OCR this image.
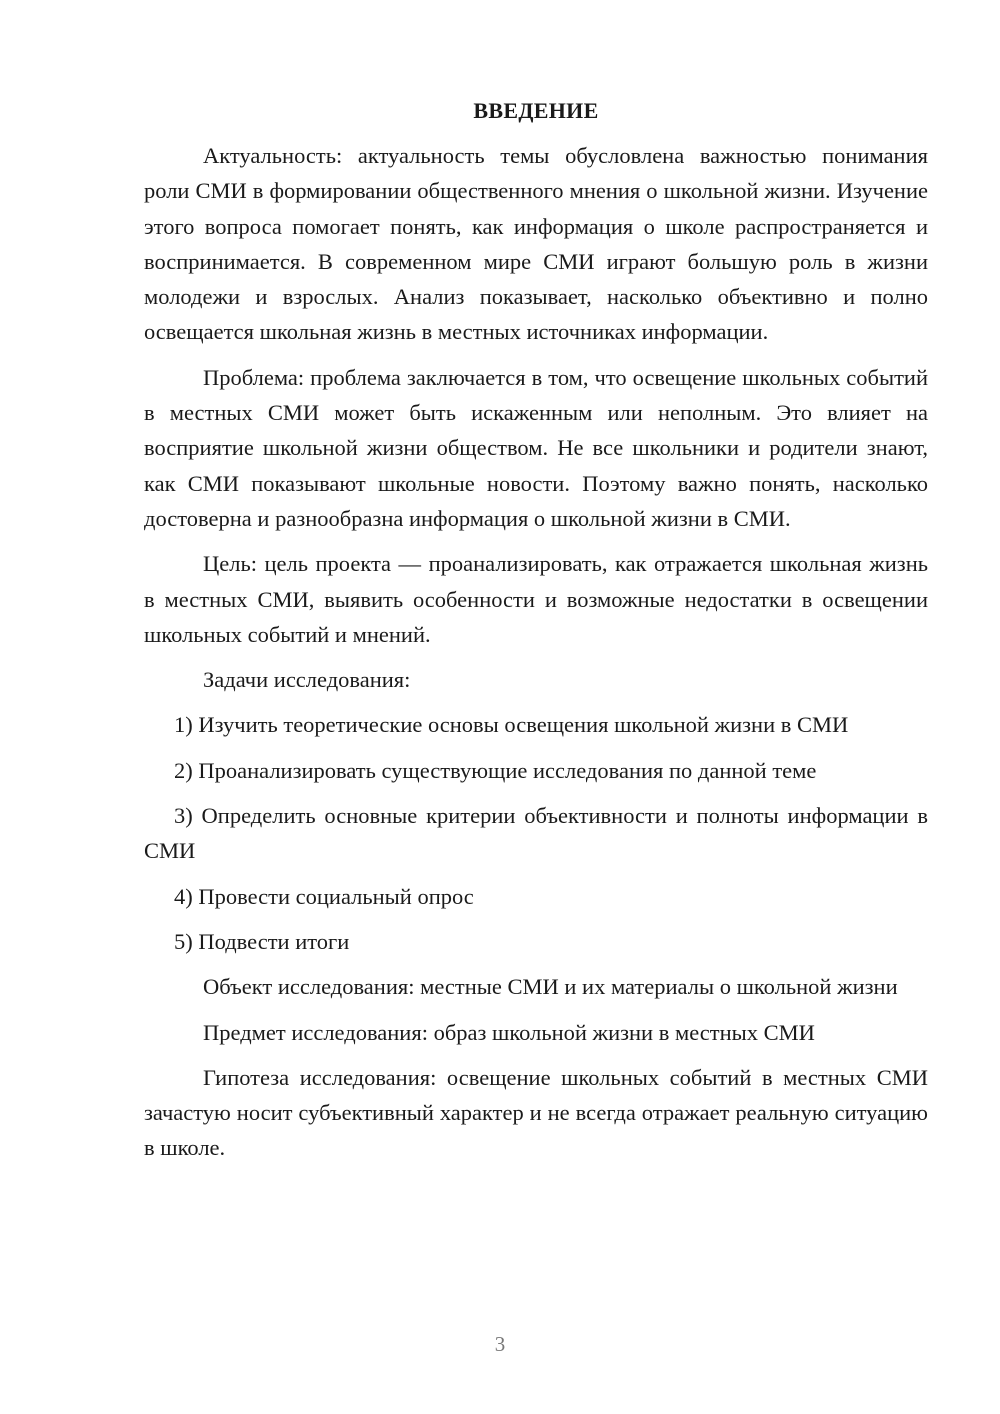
ВВЕДЕНИЕ

Актуальность: актуальность темы обусловлена важностью понимания роли СМИ в формировании общественного мнения о школьной жизни. Изучение этого вопроса помогает понять, как информация о школе распространяется и воспринимается. В современном мире СМИ играют большую роль в жизни молодежи и взрослых. Анализ показывает, насколько объективно и полно освещается школьная жизнь в местных источниках информации.

Проблема: проблема заключается в том, что освещение школьных событий в местных СМИ может быть искаженным или неполным. Это влияет на восприятие школьной жизни обществом. Не все школьники и родители знают, как СМИ показывают школьные новости. Поэтому важно понять, насколько достоверна и разнообразна информация о школьной жизни в СМИ.

Цель: цель проекта — проанализировать, как отражается школьная жизнь в местных СМИ, выявить особенности и возможные недостатки в освещении школьных событий и мнений.

Задачи исследования:

1) Изучить теоретические основы освещения школьной жизни в СМИ

2) Проанализировать существующие исследования по данной теме

3) Определить основные критерии объективности и полноты информации в СМИ

4) Провести социальный опрос

5) Подвести итоги

Объект исследования: местные СМИ и их материалы о школьной жизни

Предмет исследования: образ школьной жизни в местных СМИ

Гипотеза исследования: освещение школьных событий в местных СМИ зачастую носит субъективный характер и не всегда отражает реальную ситуацию в школе.

3
